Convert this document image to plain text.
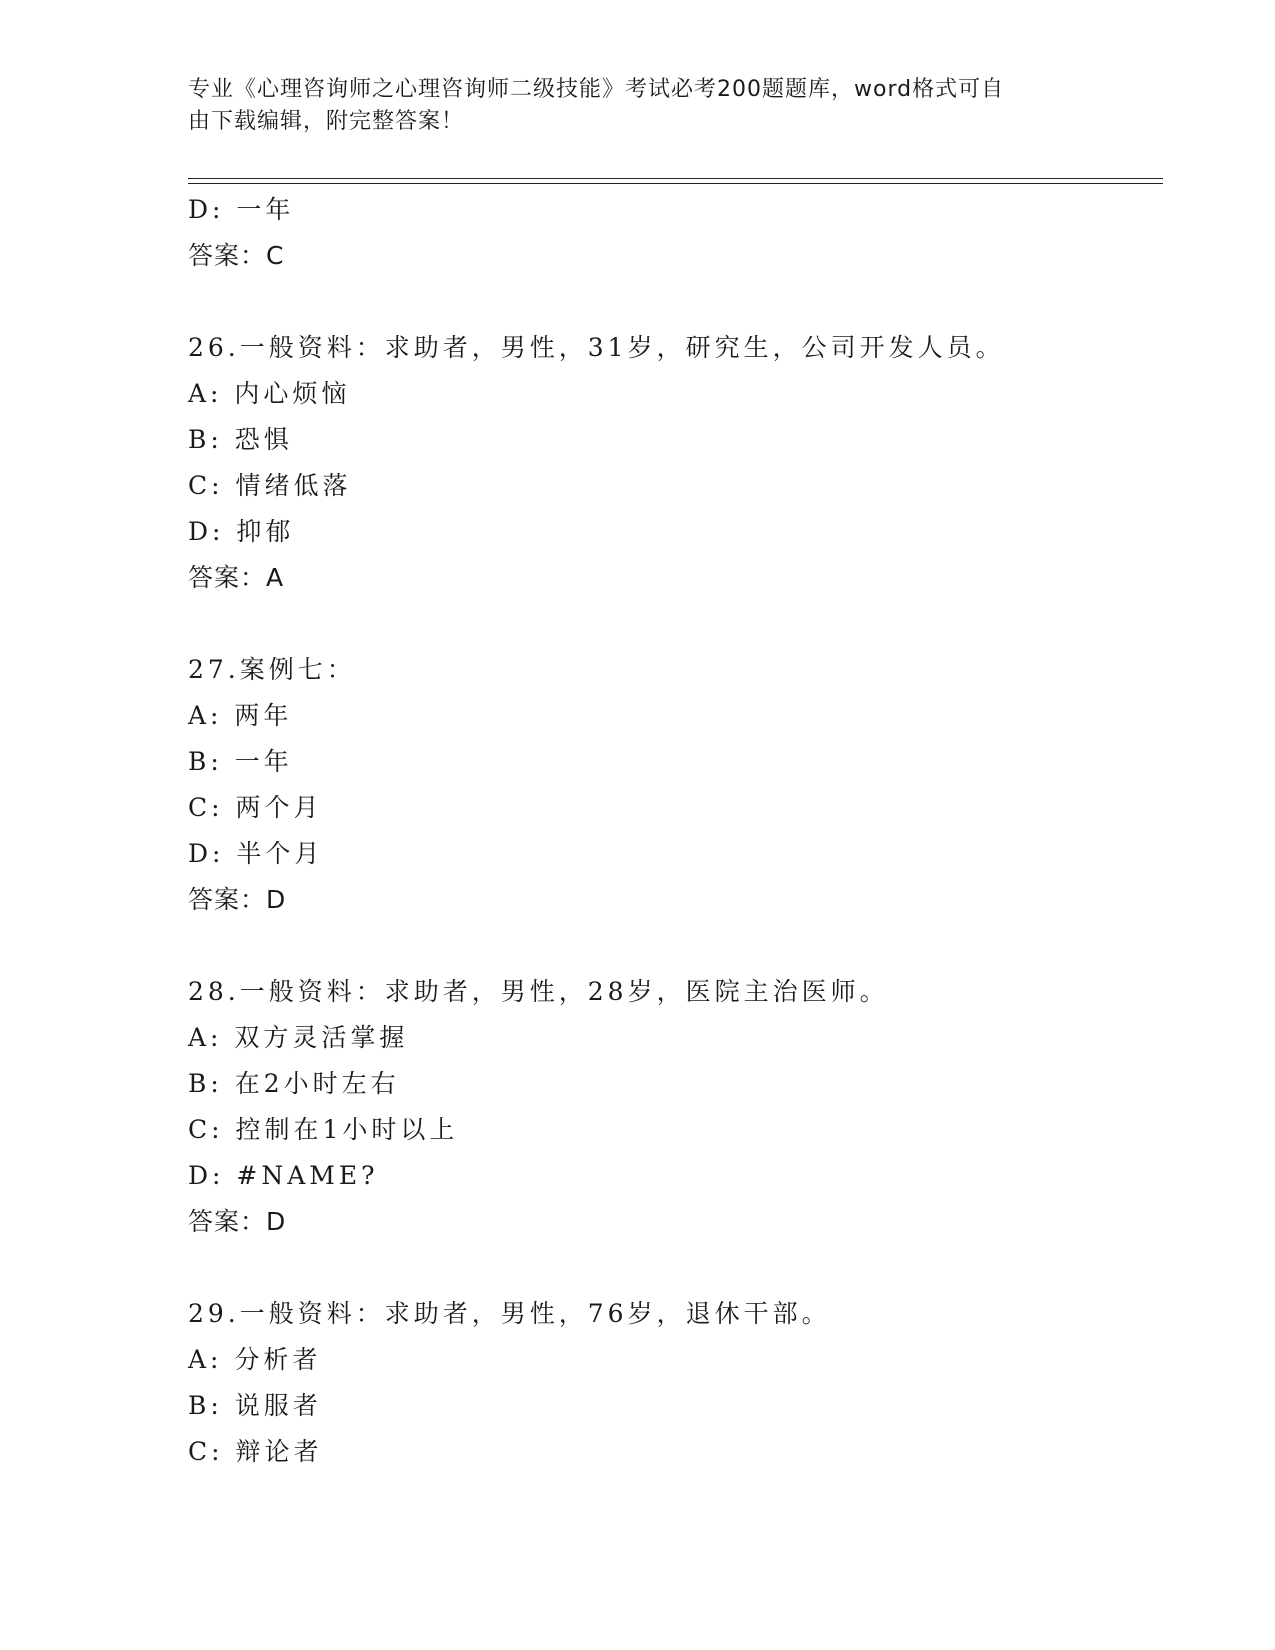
专业《心理咨询师之心理咨询师二级技能》考试必考200题题库，word格式可自
由下载编辑，附完整答案！
D: 一年
答案：C
26.一般资料：求助者，男性，31岁，研究生，公司开发人员。
A: 内心烦恼
B: 恐惧
C: 情绪低落
D: 抑郁
答案：A
27.案例七：
A: 两年
B: 一年
C: 两个月
D: 半个月
答案：D
28.一般资料：求助者，男性，28岁，医院主治医师。
A: 双方灵活掌握
B: 在2小时左右
C: 控制在1小时以上
D: #NAME?
答案：D
29.一般资料：求助者，男性，76岁，退休干部。
A: 分析者
B: 说服者
C: 辩论者
